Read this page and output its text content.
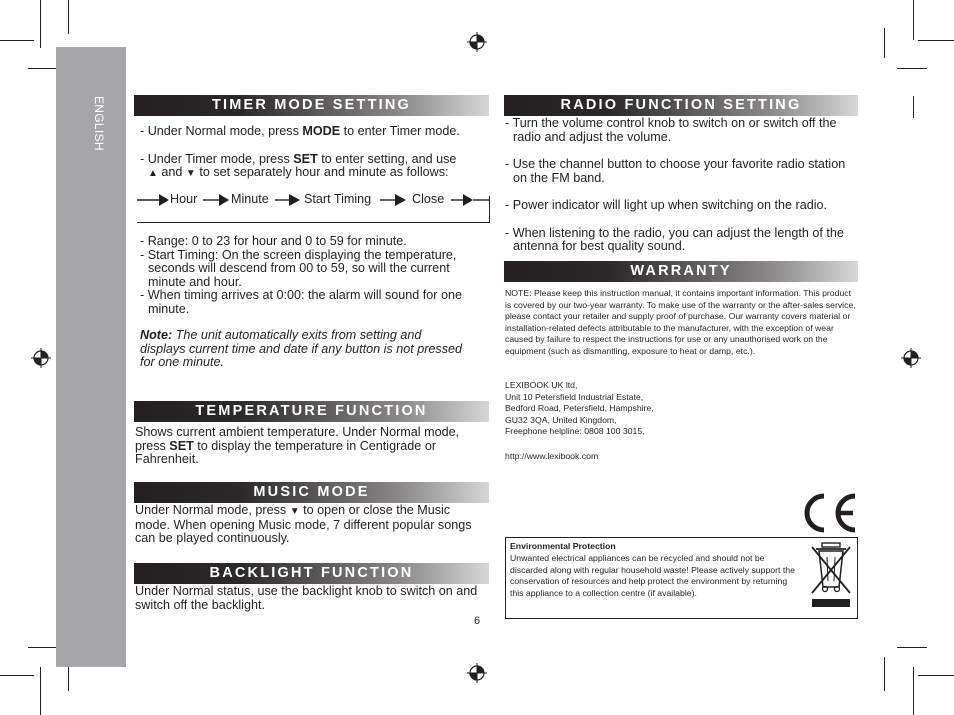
ENGLISH	TIMER MODE SETTING

- Under Normal mode, press MODE to enter Timer mode.

- Under Timer mode, press SET to enter setting, and use

▲ and ▼ to set separately hour and minute as follows:

Hour	Minute	Start Timing	Close

- Range: 0 to 23 for hour and 0 to 59 for minute.

- Start Timing: On the screen displaying the temperature, seconds will descend from 00 to 59, so will the current minute and hour.

- When timing arrives at 0:00: the alarm will sound for one minute.

Note: The unit automatically exits from setting and displays current time and date if any button is not pressed for one minute.
TEMPERATURE FUNCTION
Shows current ambient temperature. Under Normal mode, press SET to display the temperature in Centigrade or Fahrenheit.
MUSIC MODE
Under Normal mode, press ▼ to open or close the Music mode. When opening Music mode, 7 different popular songs can be played continuously.
BACKLIGHT FUNCTION
Under Normal status, use the backlight knob to switch on and switch off the backlight.
6
RADIO FUNCTION SETTING

- Turn the volume control knob to switch on or switch off the radio and adjust the volume.

- Use the channel button to choose your favorite radio station on the FM band.

- Power indicator will light up when switching on the radio.

- When listening to the radio, you can adjust the length of the antenna for best quality sound.

WARRANTY
NOTE: Please keep this instruction manual, it contains important information. This product is covered by our two-year warranty. To make use of the warranty or the after-sales service, please contact your retailer and supply proof of purchase. Our warranty covers material or installation-related defects attributable to the manufacturer, with the exception of wear caused by failure to respect the instructions for use or any unauthorised work on the equipment (such as dismantling, exposure to heat or damp, etc.).
LEXIBOOK UK ltd,
Unit 10 Petersfield Industrial Estate,
Bedford Road, Petersfield, Hampshire,
GU32 3QA, United Kingdom,
Freephone helpline: 0808 100 3015,
http://www.lexibook.com
Environmental Protection
Unwanted electrical appliances can be recycled and should not be discarded along with regular household waste! Please actively support the conservation of resources and help protect the environment by returning this appliance to a collection centre (if available).
